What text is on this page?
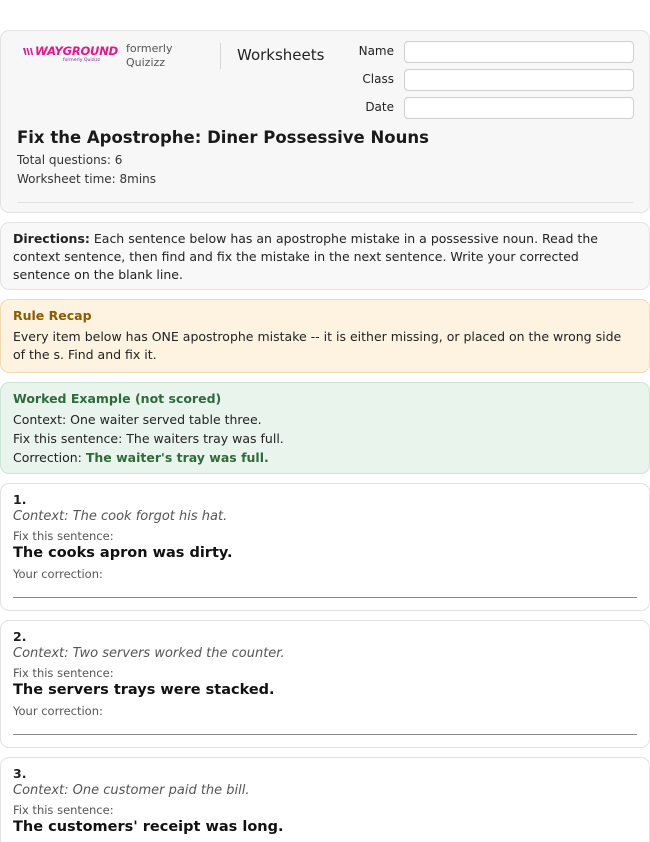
WAYGROUND
formerly Quizizz
formerly
Quizizz	Worksheets	Name
Class
Date
Fix the Apostrophe: Diner Possessive Nouns
Total questions: 6
Worksheet time: 8mins
Directions: Each sentence below has an apostrophe mistake in a possessive noun. Read the context sentence, then find and fix the mistake in the next sentence. Write your corrected sentence on the blank line.
Rule Recap
Every item below has ONE apostrophe mistake -- it is either missing, or placed on the wrong side of the s. Find and fix it.
Worked Example (not scored)
Context: One waiter served table three.
Fix this sentence: The waiters tray was full.
Correction: The waiter's tray was full.
1.
Context: The cook forgot his hat.
Fix this sentence:
The cooks apron was dirty.
Your correction:
2.
Context: Two servers worked the counter.
Fix this sentence:
The servers trays were stacked.
Your correction:
3.
Context: One customer paid the bill.
Fix this sentence:
The customers' receipt was long.
